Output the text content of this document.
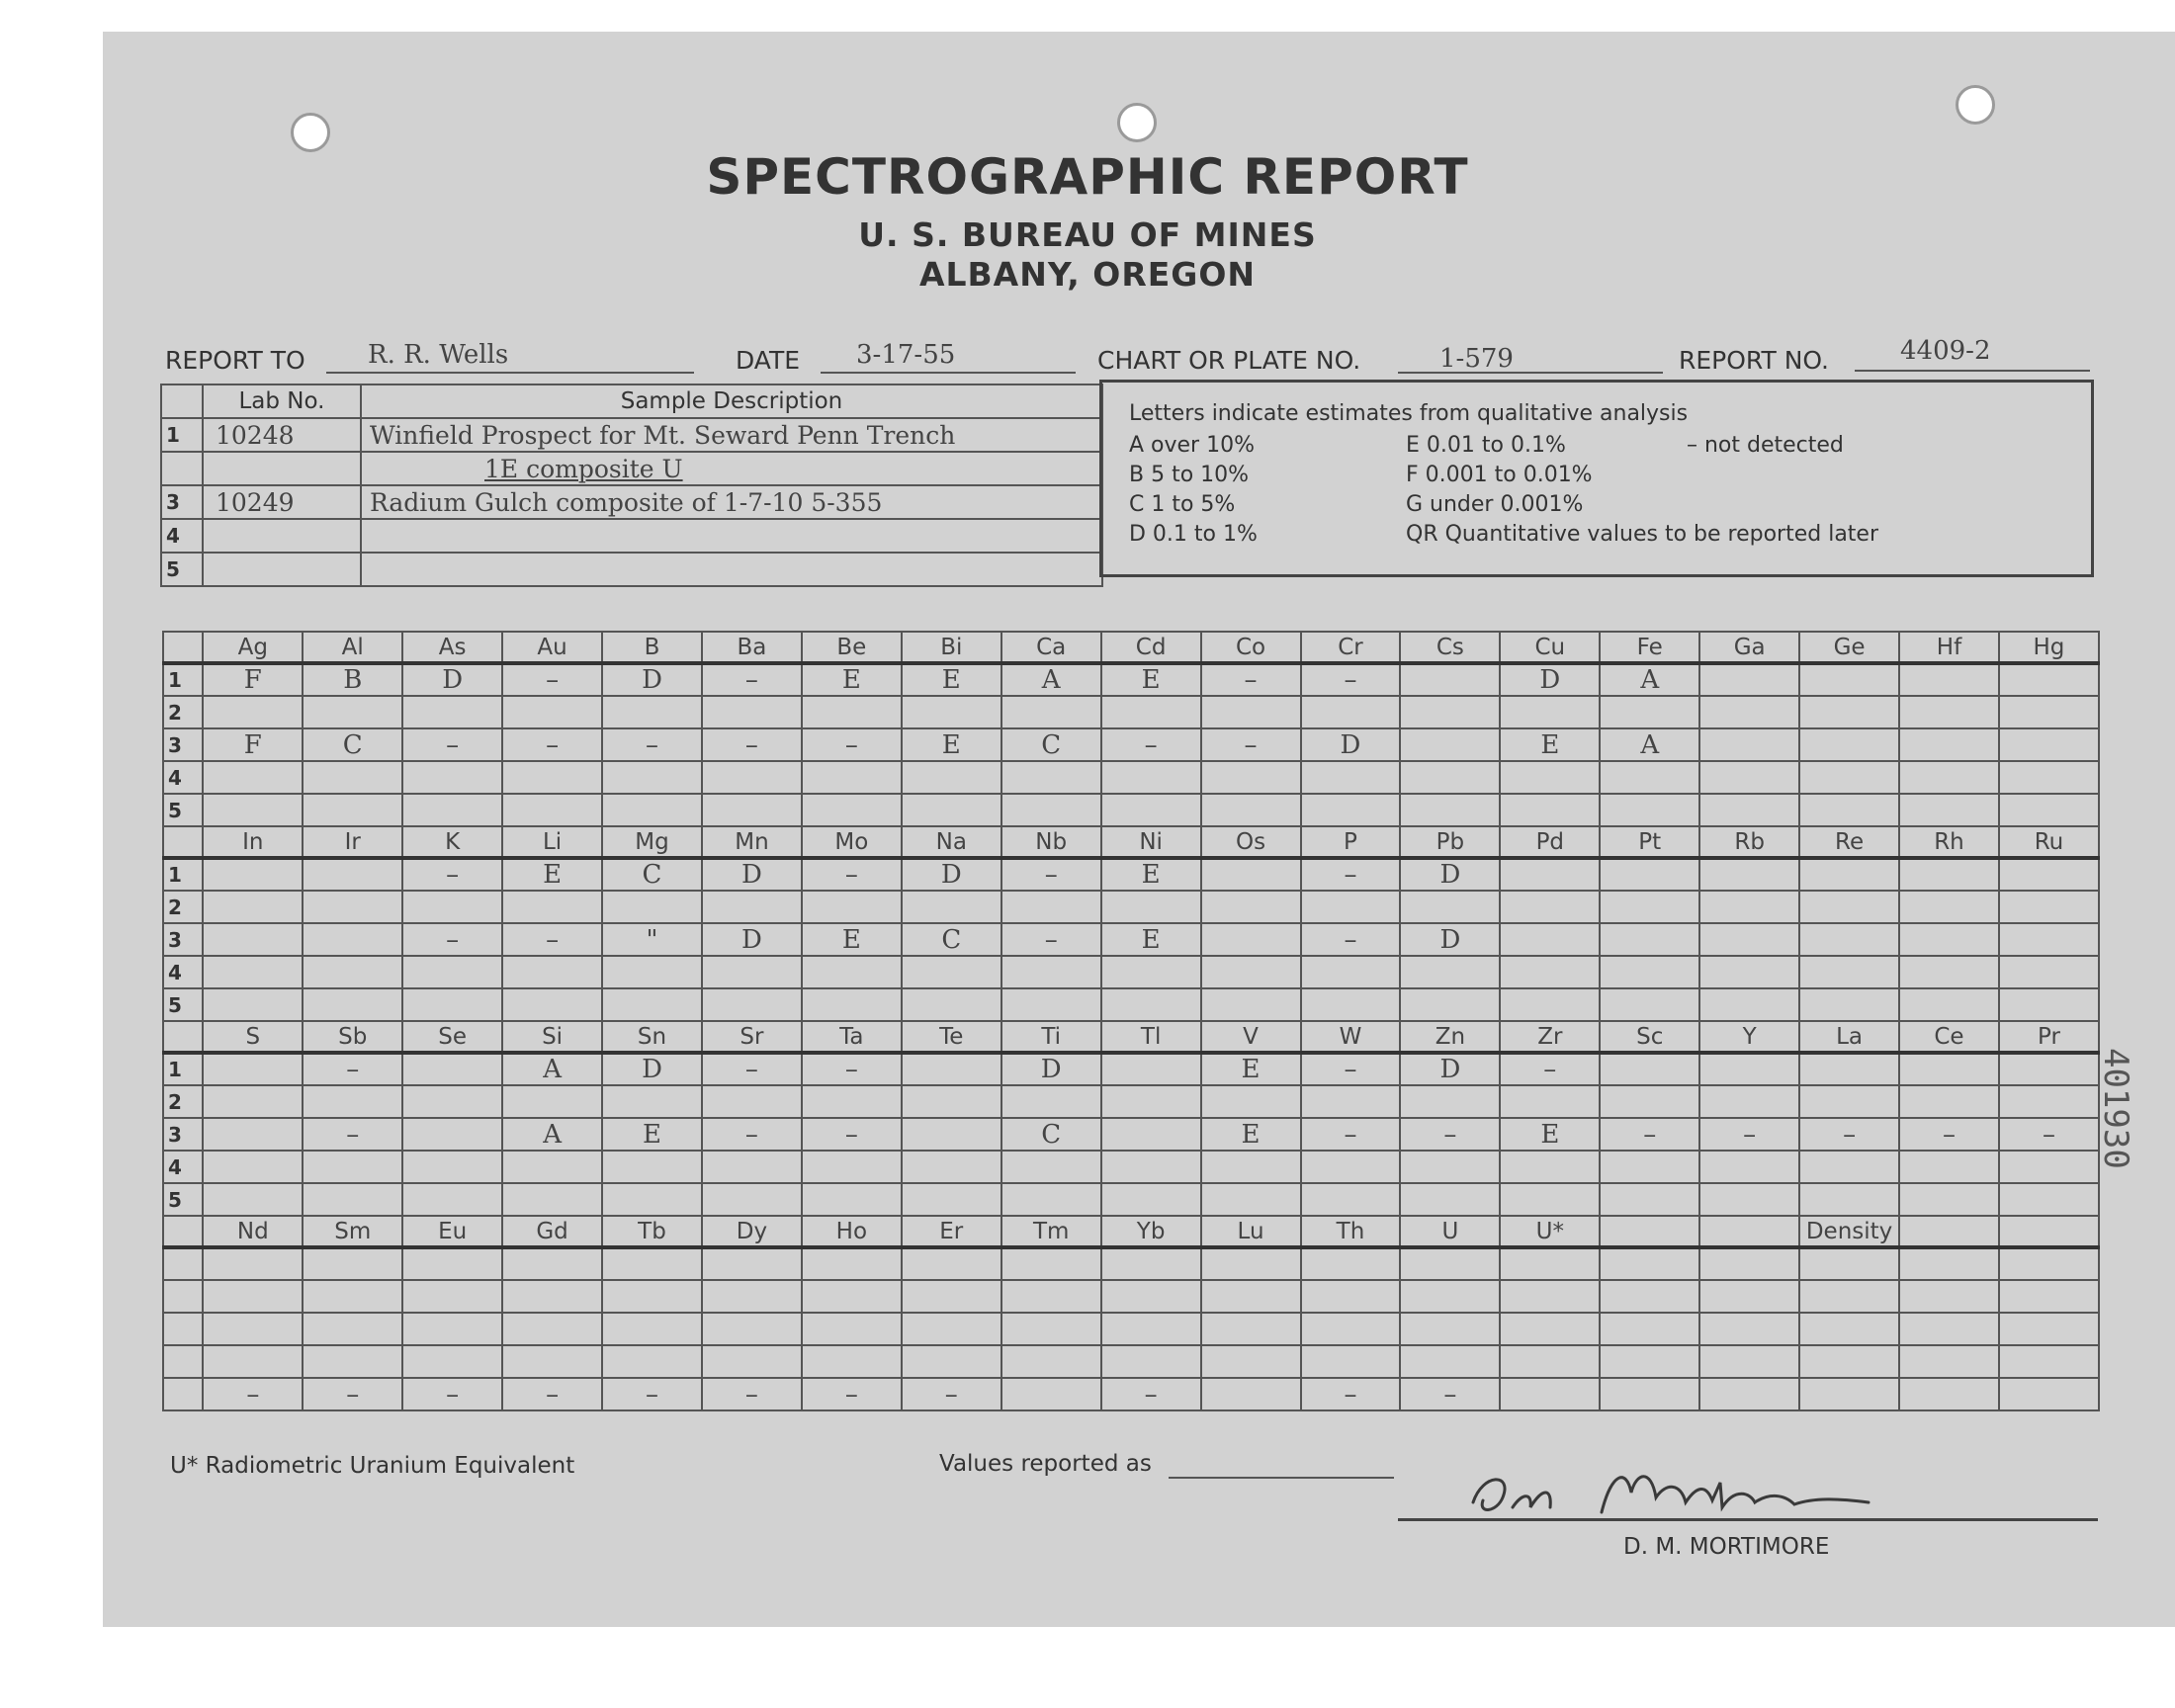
SPECTROGRAPHIC REPORT
U. S. BUREAU OF MINES
ALBANY, OREGON
REPORT TO R. R. Wells	DATE 3-17-55	CHART OR PLATE NO.	1-579	REPORT NO.	4409-2
	Lab No.	Sample Description
1	10248	Winfield Prospect for Mt. Seward Penn Trench
		1E composite U
3	10249	Radium Gulch composite of 1-7-10 5-355
4		
5		
Letters indicate estimates from qualitative analysis
A over 10%
B 5 to 10%
C 1 to 5%
D 0.1 to 1%
E 0.01 to 0.1%
F 0.001 to 0.01%
G under 0.001%
QR Quantitative values to be reported later
– not detected
	Ag	Al	As	Au	B	Ba	Be	Bi	Ca	Cd	Co	Cr	Cs	Cu	Fe	Ga	Ge	Hf	Hg
1	F	B	D	–	D	–	E	E	A	E	–	–		D	A				
2																			
3	F	C	–	–	–	–	–	E	C	–	–	D		E	A				
4																			
5																			
	In	Ir	K	Li	Mg	Mn	Mo	Na	Nb	Ni	Os	P	Pb	Pd	Pt	Rb	Re	Rh	Ru
1			–	E	C	D	–	D	–	E		–	D						
2																			
3			–	–	"	D	E	C	–	E		–	D						
4																			
5																			
	S	Sb	Se	Si	Sn	Sr	Ta	Te	Ti	Tl	V	W	Zn	Zr	Sc	Y	La	Ce	Pr
1		–		A	D	–	–		D		E	–	D	–					
2																			
3		–		A	E	–	–		C		E	–	–	E	–	–	–	–	–
4																			
5																			
	Nd	Sm	Eu	Gd	Tb	Dy	Ho	Er	Tm	Yb	Lu	Th	U	U*			Density		

	–	–	–	–	–	–	–	–		–		–	–						
U* Radiometric Uranium Equivalent	Values reported as
D. M. MORTIMORE
401930
